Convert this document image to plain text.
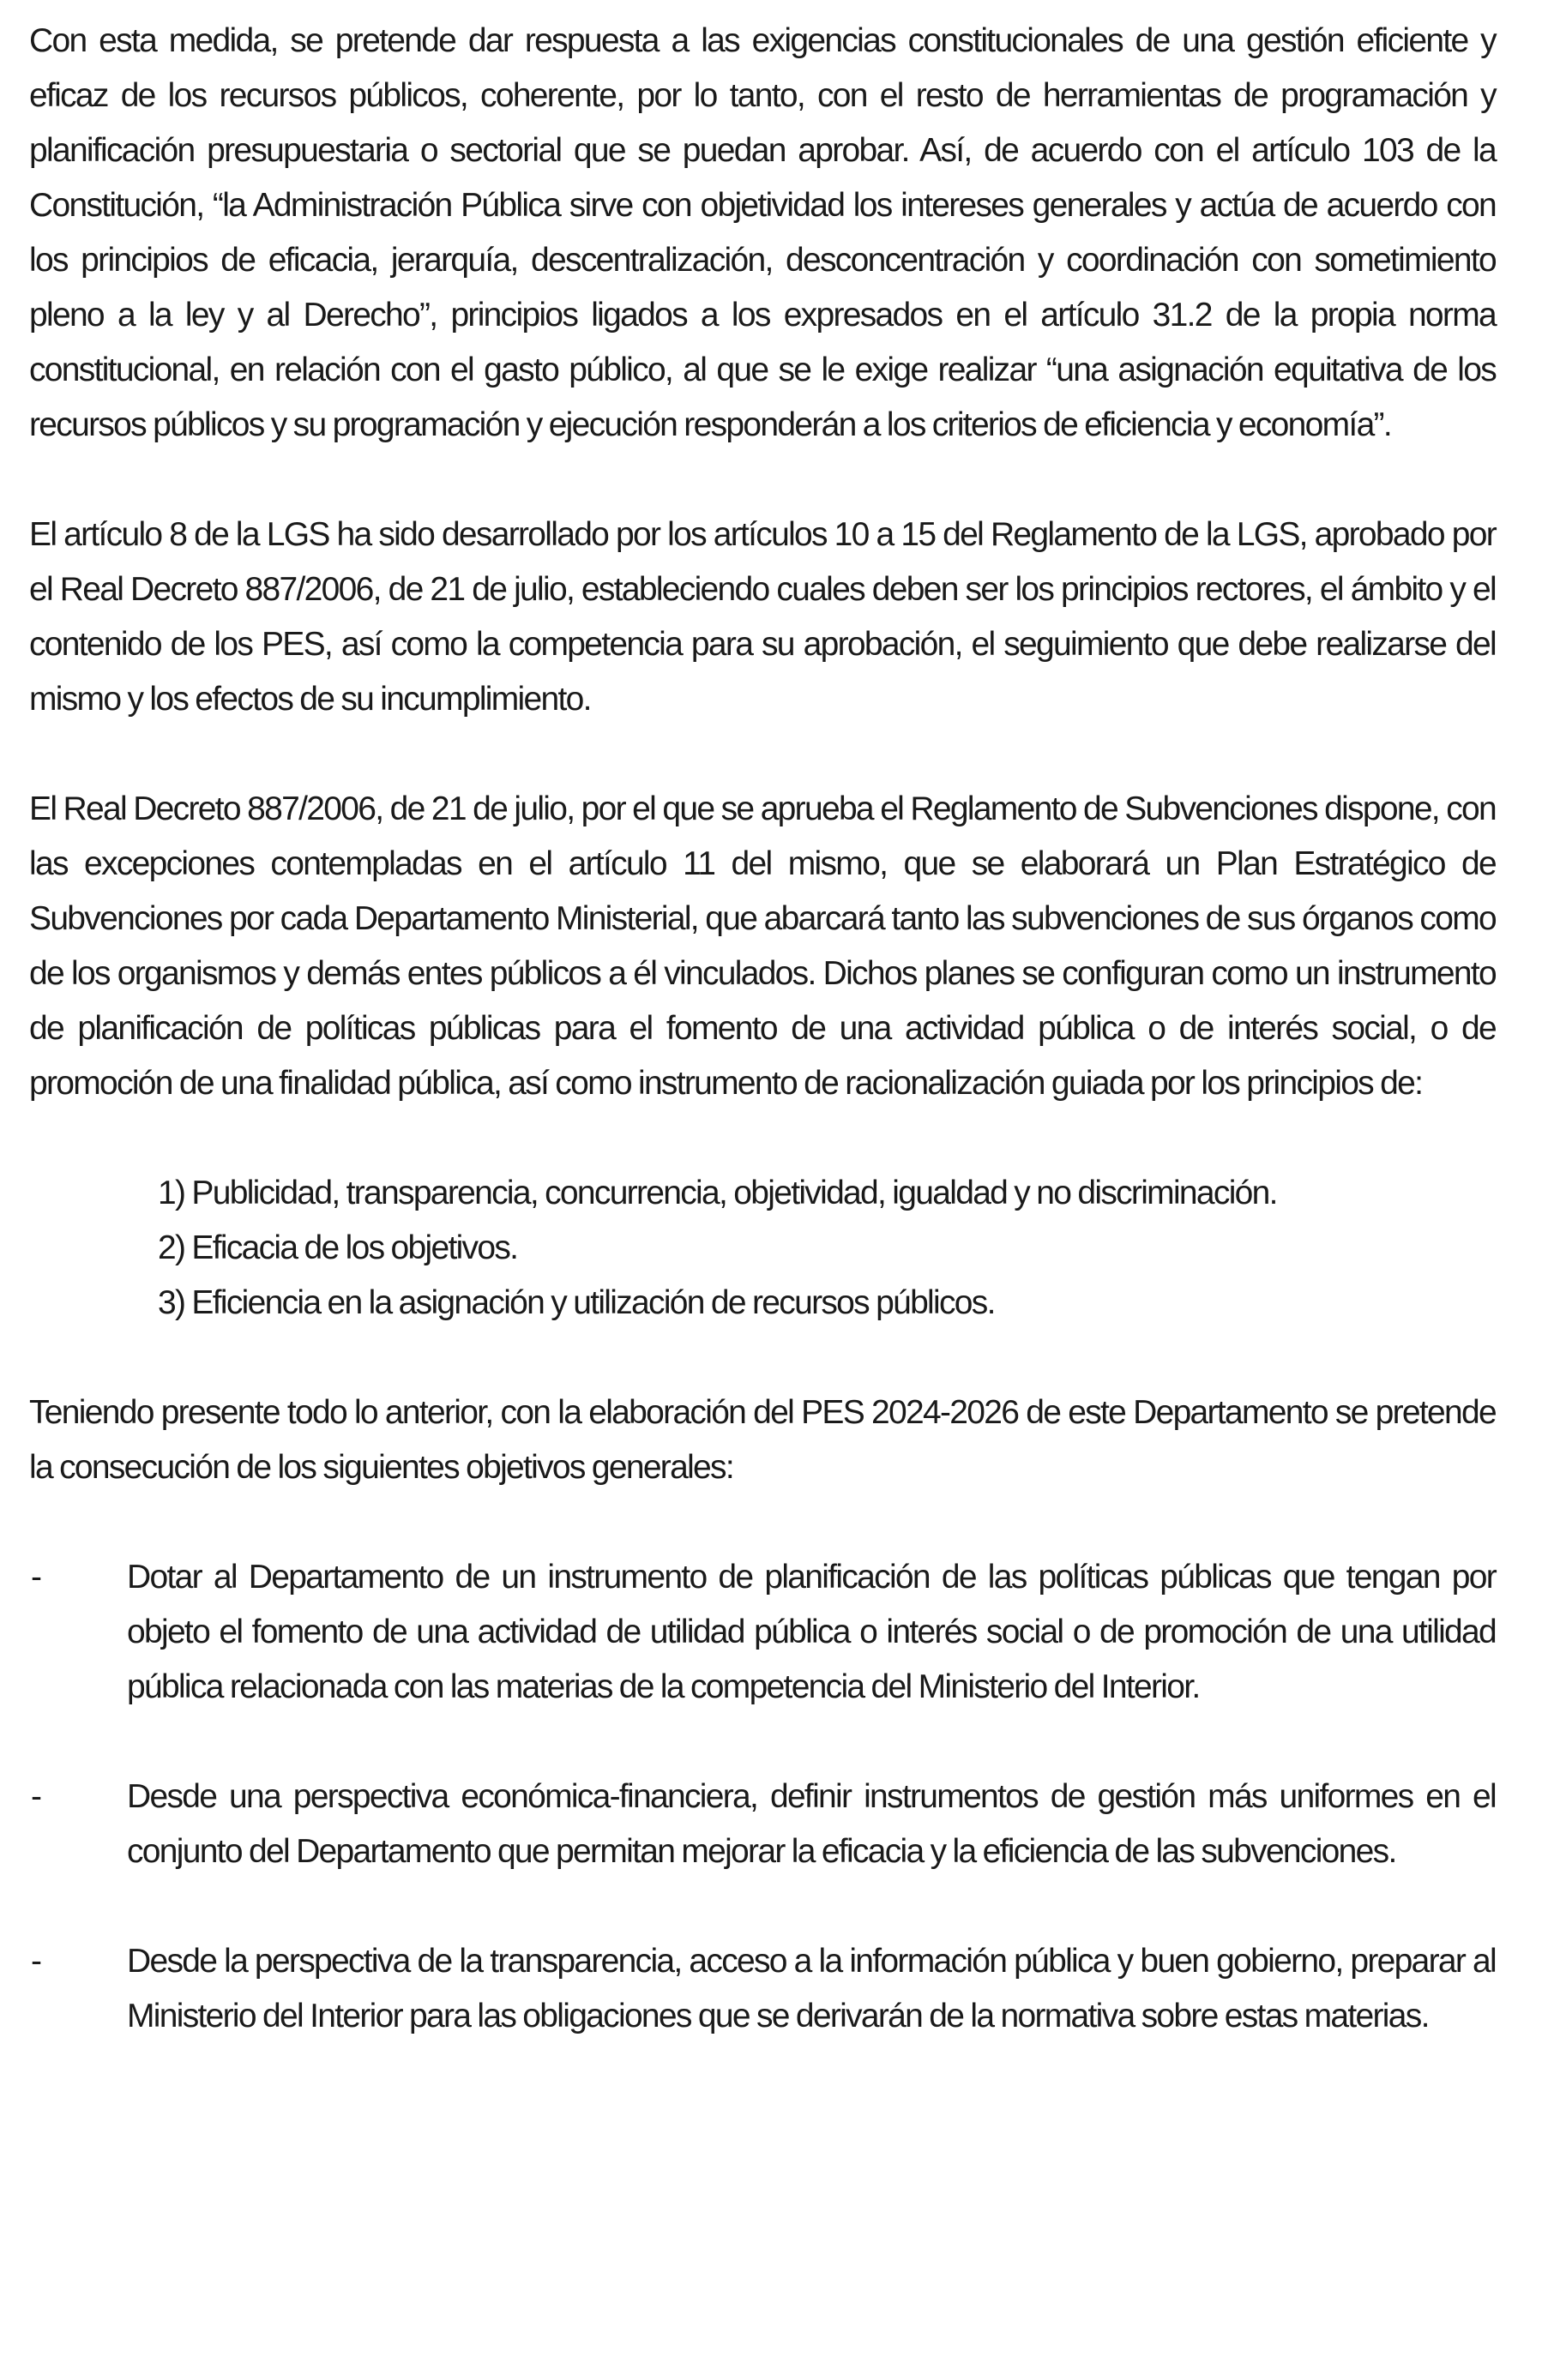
Con esta medida, se pretende dar respuesta a las exigencias constitucionales de una gestión eficiente y eficaz de los recursos públicos, coherente, por lo tanto, con el resto de herramientas de programación y planificación presupuestaria o sectorial que se puedan aprobar. Así, de acuerdo con el artículo 103 de la Constitución, “la Administración Pública sirve con objetividad los intereses generales y actúa de acuerdo con los principios de eficacia, jerarquía, descentralización, desconcentración y coordinación con sometimiento pleno a la ley y al Derecho”, principios ligados a los expresados en el artículo 31.2 de la propia norma constitucional, en relación con el gasto público, al que se le exige realizar “una asignación equitativa de los recursos públicos y su programación y ejecución responderán a los criterios de eficiencia y economía”.

El artículo 8 de la LGS ha sido desarrollado por los artículos 10 a 15 del Reglamento de la LGS, aprobado por el Real Decreto 887/2006, de 21 de julio, estableciendo cuales deben ser los principios rectores, el ámbito y el contenido de los PES, así como la competencia para su aprobación, el seguimiento que debe realizarse del mismo y los efectos de su incumplimiento.

El Real Decreto 887/2006, de 21 de julio, por el que se aprueba el Reglamento de Subvenciones dispone, con las excepciones contempladas en el artículo 11 del mismo, que se elaborará un Plan Estratégico de Subvenciones por cada Departamento Ministerial, que abarcará tanto las subvenciones de sus órganos como de los organismos y demás entes públicos a él vinculados. Dichos planes se configuran como un instrumento de planificación de políticas públicas para el fomento de una actividad pública o de interés social, o de promoción de una finalidad pública, así como instrumento de racionalización guiada por los principios de:

1) Publicidad, transparencia, concurrencia, objetividad, igualdad y no discriminación.
2) Eficacia de los objetivos.
3) Eficiencia en la asignación y utilización de recursos públicos.

Teniendo presente todo lo anterior, con la elaboración del PES 2024-2026 de este Departamento se pretende la consecución de los siguientes objetivos generales:

-	Dotar al Departamento de un instrumento de planificación de las políticas públicas que tengan por objeto el fomento de una actividad de utilidad pública o interés social o de promoción de una utilidad pública relacionada con las materias de la competencia del Ministerio del Interior.
-	Desde una perspectiva económica-financiera, definir instrumentos de gestión más uniformes en el conjunto del Departamento que permitan mejorar la eficacia y la eficiencia de las subvenciones.
-	Desde la perspectiva de la transparencia, acceso a la información pública y buen gobierno, preparar al Ministerio del Interior para las obligaciones que se derivarán de la normativa sobre estas materias.
